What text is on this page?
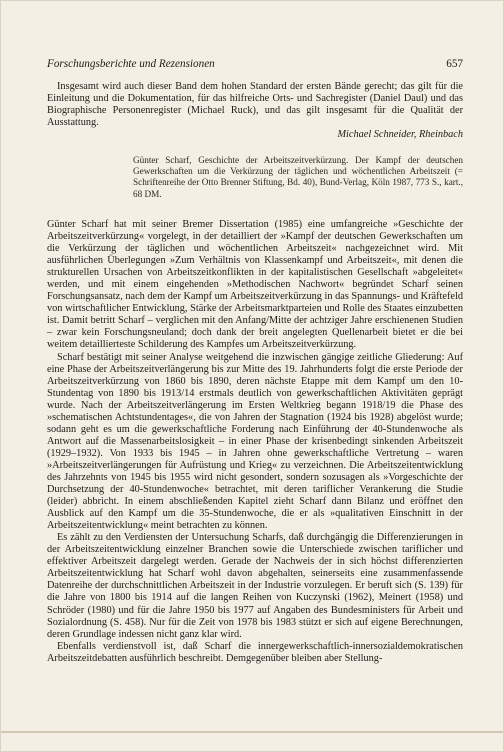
Forschungsberichte und Rezensionen	657

Insgesamt wird auch dieser Band dem hohen Standard der ersten Bände gerecht; das gilt für die Einleitung und die Dokumentation, für das hilfreiche Orts- und Sachregister (Daniel Daul) und das Biographische Personenregister (Michael Ruck), und das gilt insgesamt für die Qualität der Ausstattung.

Michael Schneider, Rheinbach

Günter Scharf, Geschichte der Arbeitszeitverkürzung. Der Kampf der deutschen Gewerkschaften um die Verkürzung der täglichen und wöchentlichen Arbeitszeit (= Schriftenreihe der Otto Brenner Stiftung, Bd. 40), Bund-Verlag, Köln 1987, 773 S., kart., 68 DM.

Günter Scharf hat mit seiner Bremer Dissertation (1985) eine umfangreiche »Geschichte der Arbeitszeitverkürzung« vorgelegt, in der detailliert der »Kampf der deutschen Gewerkschaften um die Verkürzung der täglichen und wöchentlichen Arbeitszeit« nachgezeichnet wird. Mit ausführlichen Überlegungen »Zum Verhältnis von Klassenkampf und Arbeitszeit«, mit denen die strukturellen Ursachen von Arbeitszeitkonflikten in der kapitalistischen Gesellschaft »abgeleitet« werden, und mit einem eingehenden »Methodischen Nachwort« begründet Scharf seinen Forschungsansatz, nach dem der Kampf um Arbeitszeitverkürzung in das Spannungs- und Kräftefeld von wirtschaftlicher Entwicklung, Stärke der Arbeitsmarktparteien und Rolle des Staates einzubetten ist. Damit betritt Scharf – verglichen mit den Anfang/Mitte der achtziger Jahre erschienenen Studien – zwar kein Forschungsneuland; doch dank der breit angelegten Quellenarbeit bietet er die bei weitem detaillierteste Schilderung des Kampfes um Arbeitszeitverkürzung.

Scharf bestätigt mit seiner Analyse weitgehend die inzwischen gängige zeitliche Gliederung: Auf eine Phase der Arbeitszeitverlängerung bis zur Mitte des 19. Jahrhunderts folgt die erste Periode der Arbeitszeitverkürzung von 1860 bis 1890, deren nächste Etappe mit dem Kampf um den 10-Stundentag von 1890 bis 1913/14 erstmals deutlich von gewerkschaftlichen Aktivitäten geprägt wurde. Nach der Arbeitszeitverlängerung im Ersten Weltkrieg begann 1918/19 die Phase des »schematischen Achtstundentages«, die von Jahren der Stagnation (1924 bis 1928) abgelöst wurde; sodann geht es um die gewerkschaftliche Forderung nach Einführung der 40-Stundenwoche als Antwort auf die Massenarbeitslosigkeit – in einer Phase der krisenbedingt sinkenden Arbeitszeit (1929–1932). Von 1933 bis 1945 – in Jahren ohne gewerkschaftliche Vertretung – waren »Arbeitszeitverlängerungen für Aufrüstung und Krieg« zu verzeichnen. Die Arbeitszeitentwicklung des Jahrzehnts von 1945 bis 1955 wird nicht gesondert, sondern sozusagen als »Vorgeschichte der Durchsetzung der 40-Stundenwoche« betrachtet, mit deren tariflicher Verankerung die Studie (leider) abbricht. In einem abschließenden Kapitel zieht Scharf dann Bilanz und eröffnet den Ausblick auf den Kampf um die 35-Stundenwoche, die er als »qualitativen Einschnitt in der Arbeitszeitentwicklung« meint betrachten zu können.

Es zählt zu den Verdiensten der Untersuchung Scharfs, daß durchgängig die Differenzierungen in der Arbeitszeitentwicklung einzelner Branchen sowie die Unterschiede zwischen tariflicher und effektiver Arbeitszeit dargelegt werden. Gerade der Nachweis der in sich höchst differenzierten Arbeitszeitentwicklung hat Scharf wohl davon abgehalten, seinerseits eine zusammenfassende Datenreihe der durchschnittlichen Arbeitszeit in der Industrie vorzulegen. Er beruft sich (S. 139) für die Jahre von 1800 bis 1914 auf die langen Reihen von Kuczynski (1962), Meinert (1958) und Schröder (1980) und für die Jahre 1950 bis 1977 auf Angaben des Bundesministers für Arbeit und Sozialordnung (S. 458). Nur für die Zeit von 1978 bis 1983 stützt er sich auf eigene Berechnungen, deren Grundlage indessen nicht ganz klar wird.

Ebenfalls verdienstvoll ist, daß Scharf die innergewerkschaftlich-innersozialdemokratischen Arbeitszeitdebatten ausführlich beschreibt. Demgegenüber bleiben aber Stellung-
